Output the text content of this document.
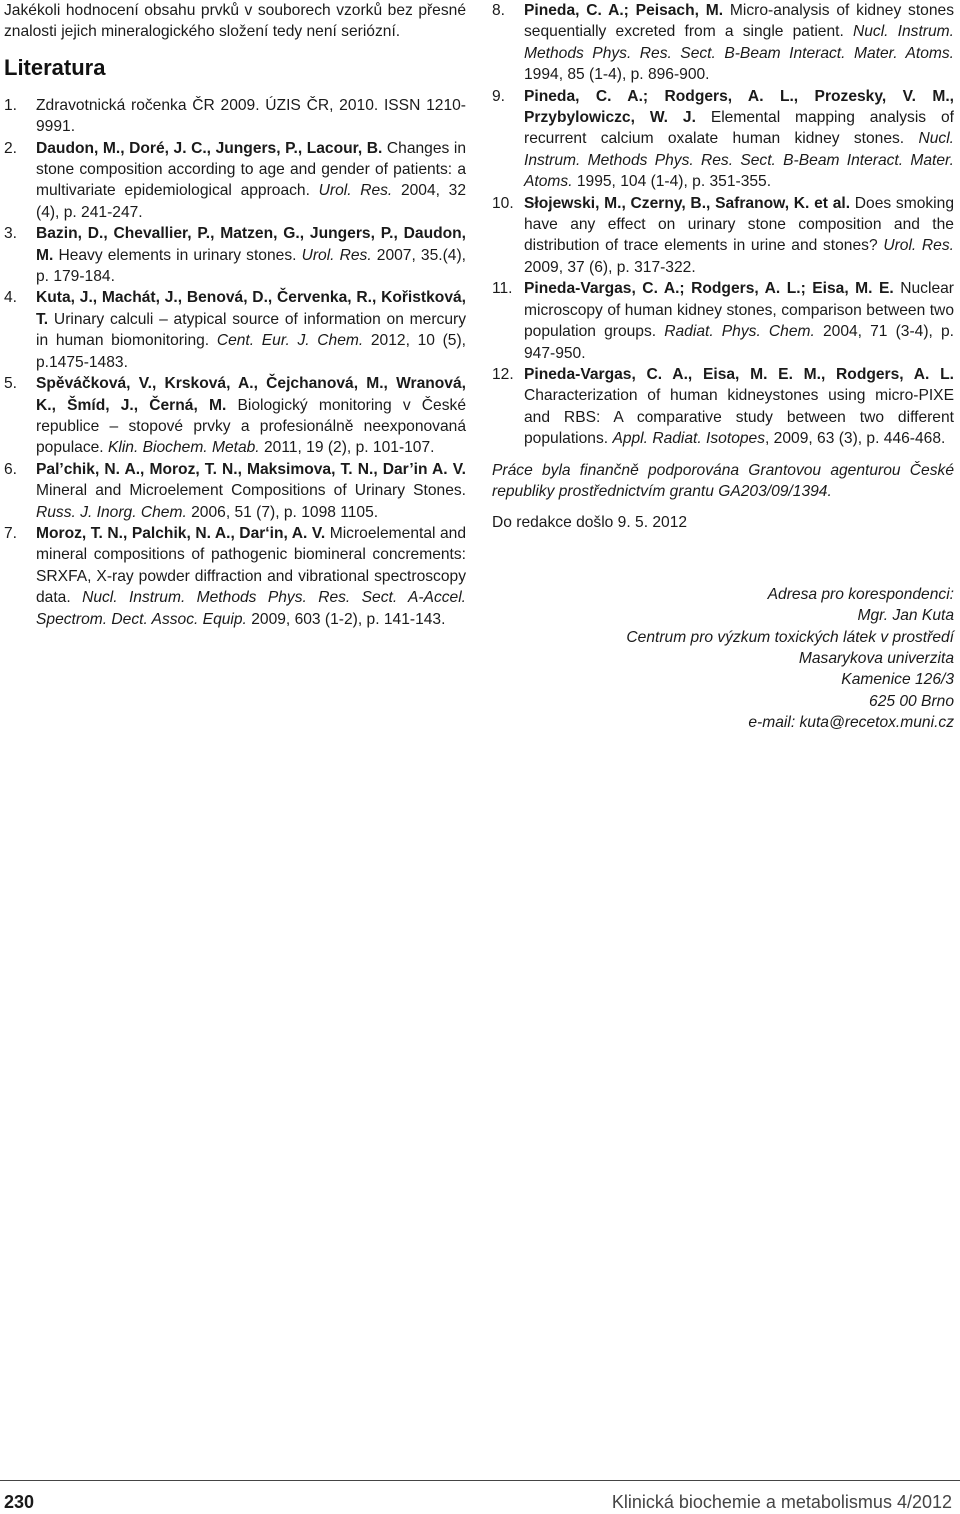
Jakékoli hodnocení obsahu prvků v souborech vzorků bez přesné znalosti jejich mineralogického složení tedy není seriózní.

Literatura

1. Zdravotnická ročenka ČR 2009. ÚZIS ČR, 2010. ISSN 1210-9991.

2. Daudon, M., Doré, J. C., Jungers, P., Lacour, B. Changes in stone composition according to age and gender of patients: a multivariate epidemiological approach. Urol. Res. 2004, 32 (4), p. 241-247.

3. Bazin, D., Chevallier, P., Matzen, G., Jungers, P., Daudon, M. Heavy elements in urinary stones. Urol. Res. 2007, 35.(4), p. 179-184.

4. Kuta, J., Machát, J., Benová, D., Červenka, R., Kořistková, T. Urinary calculi – atypical source of information on mercury in human biomonitoring. Cent. Eur. J. Chem. 2012, 10 (5), p.1475-1483.

5. Spěváčková, V., Krsková, A., Čejchanová, M., Wranová, K., Šmíd, J., Černá, M. Biologický monitoring v České republice – stopové prvky a profesionálně neexponovaná populace. Klin. Biochem. Metab. 2011, 19 (2), p. 101-107.

6. Pal’chik, N. A., Moroz, T. N., Maksimova, T. N., Dar’in A. V. Mineral and Microelement Compositions of Urinary Stones. Russ. J. Inorg. Chem. 2006, 51 (7), p. 1098 1105.

7. Moroz, T. N., Palchik, N. A., Dar‘in, A. V. Microelemental and mineral compositions of pathogenic biomineral concrements: SRXFA, X-ray powder diffraction and vibrational spectroscopy data. Nucl. Instrum. Methods Phys. Res. Sect. A-Accel. Spectrom. Dect. Assoc. Equip. 2009, 603 (1-2), p. 141-143.

8. Pineda, C. A.; Peisach, M. Micro-analysis of kidney stones sequentially excreted from a single patient. Nucl. Instrum. Methods Phys. Res. Sect. B-Beam Interact. Mater. Atoms. 1994, 85 (1-4), p. 896-900.

9. Pineda, C. A.; Rodgers, A. L., Prozesky, V. M., Przybylowiczc, W. J. Elemental mapping analysis of recurrent calcium oxalate human kidney stones. Nucl. Instrum. Methods Phys. Res. Sect. B-Beam Interact. Mater. Atoms. 1995, 104 (1-4), p. 351-355.

10. Słojewski, M., Czerny, B., Safranow, K. et al. Does smoking have any effect on urinary stone composition and the distribution of trace elements in urine and stones? Urol. Res. 2009, 37 (6), p. 317-322.

11. Pineda-Vargas, C. A.; Rodgers, A. L.; Eisa, M. E. Nuclear microscopy of human kidney stones, comparison between two population groups. Radiat. Phys. Chem. 2004, 71 (3-4), p. 947-950.

12. Pineda-Vargas, C. A., Eisa, M. E. M., Rodgers, A. L. Characterization of human kidneystones using micro-PIXE and RBS: A comparative study between two different populations. Appl. Radiat. Isotopes, 2009, 63 (3), p. 446-468.

Práce byla finančně podporována Grantovou agenturou České republiky prostřednictvím grantu GA203/09/1394.

Do redakce došlo 9. 5. 2012

Adresa pro korespondenci:
Mgr. Jan Kuta
Centrum pro výzkum toxických látek v prostředí
Masarykova univerzita
Kamenice 126/3
625 00 Brno
e-mail: kuta@recetox.muni.cz
230	Klinická biochemie a metabolismus 4/2012
